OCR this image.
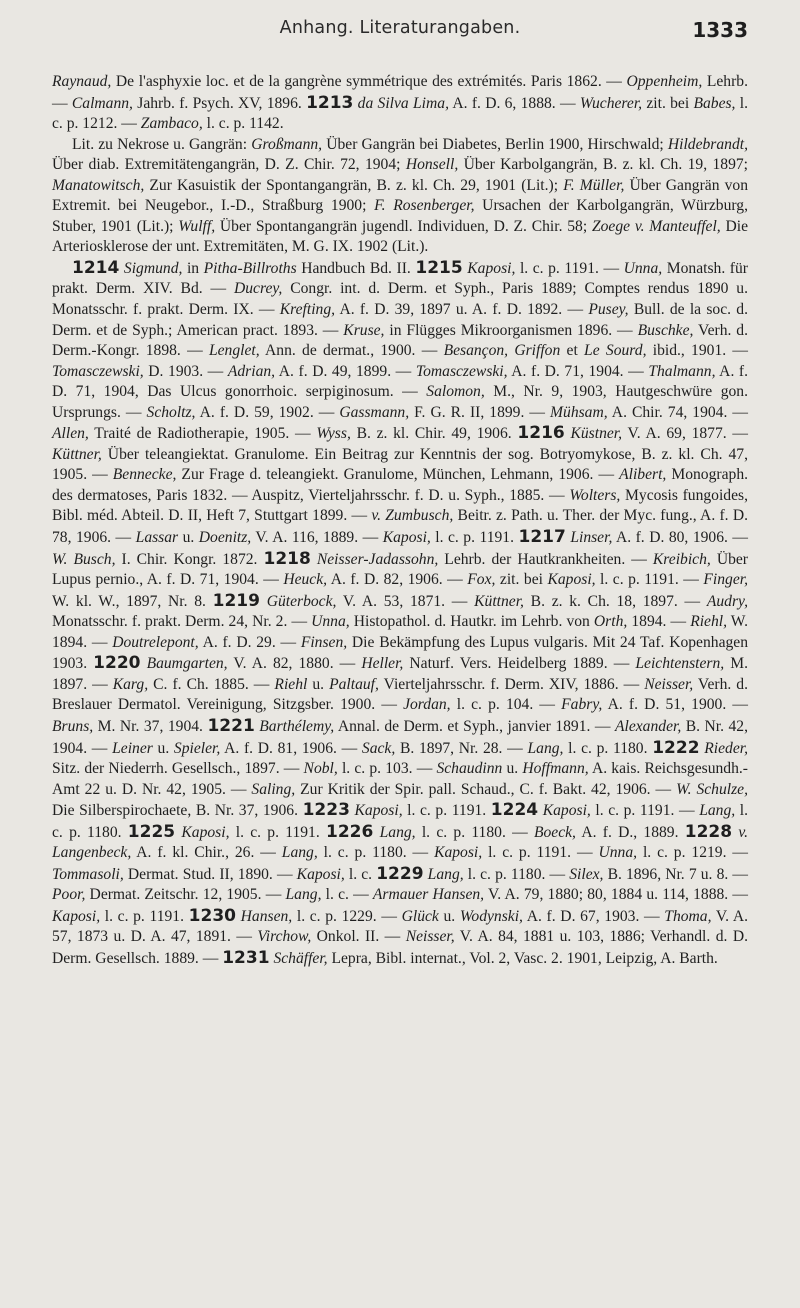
Anhang. Literaturangaben.	1333

Raynaud, De l'asphyxie loc. et de la gangrène symmétrique des extrémités. Paris 1862. — Oppenheim, Lehrb. — Calmann, Jahrb. f. Psych. XV, 1896. 1213 da Silva Lima, A. f. D. 6, 1888. — Wucherer, zit. bei Babes, l. c. p. 1212. — Zambaco, l. c. p. 1142.

Lit. zu Nekrose u. Gangrän: Großmann, Über Gangrän bei Diabetes, Berlin 1900, Hirschwald; Hildebrandt, Über diab. Extremitätengangrän, D. Z. Chir. 72, 1904; Honsell, Über Karbolgangrän, B. z. kl. Ch. 19, 1897; Manatowitsch, Zur Kasuistik der Spontangangrän, B. z. kl. Ch. 29, 1901 (Lit.); F. Müller, Über Gangrän von Extremit. bei Neugebor., I.-D., Straßburg 1900; F. Rosenberger, Ursachen der Karbolgangrän, Würzburg, Stuber, 1901 (Lit.); Wulff, Über Spontangangrän jugendl. Individuen, D. Z. Chir. 58; Zoege v. Manteuffel, Die Arteriosklerose der unt. Extremitäten, M. G. IX. 1902 (Lit.).

1214 Sigmund, in Pitha-Billroths Handbuch Bd. II. 1215 Kaposi, l. c. p. 1191. — Unna, Monatsh. für prakt. Derm. XIV. Bd. — Ducrey, Congr. int. d. Derm. et Syph., Paris 1889; Comptes rendus 1890 u. Monatsschr. f. prakt. Derm. IX. — Krefting, A. f. D. 39, 1897 u. A. f. D. 1892. — Pusey, Bull. de la soc. d. Derm. et de Syph.; American pract. 1893. — Kruse, in Flügges Mikroorganismen 1896. — Buschke, Verh. d. Derm.-Kongr. 1898. — Lenglet, Ann. de dermat., 1900. — Besançon, Griffon et Le Sourd, ibid., 1901. — Tomasczewski, D. 1903. — Adrian, A. f. D. 49, 1899. — Tomasczewski, A. f. D. 71, 1904. — Thalmann, A. f. D. 71, 1904, Das Ulcus gonorrhoic. serpiginosum. — Salomon, M., Nr. 9, 1903, Hautgeschwüre gon. Ursprungs. — Scholtz, A. f. D. 59, 1902. — Gassmann, F. G. R. II, 1899. — Mühsam, A. Chir. 74, 1904. — Allen, Traité de Radiotherapie, 1905. — Wyss, B. z. kl. Chir. 49, 1906. 1216 Küstner, V. A. 69, 1877. — Küttner, Über teleangiektat. Granulome. Ein Beitrag zur Kenntnis der sog. Botryomykose, B. z. kl. Ch. 47, 1905. — Bennecke, Zur Frage d. teleangiekt. Granulome, München, Lehmann, 1906. — Alibert, Monograph. des dermatoses, Paris 1832. — Auspitz, Vierteljahrsschr. f. D. u. Syph., 1885. — Wolters, Mycosis fungoides, Bibl. méd. Abteil. D. II, Heft 7, Stuttgart 1899. — v. Zumbusch, Beitr. z. Path. u. Ther. der Myc. fung., A. f. D. 78, 1906. — Lassar u. Doenitz, V. A. 116, 1889. — Kaposi, l. c. p. 1191. 1217 Linser, A. f. D. 80, 1906. — W. Busch, I. Chir. Kongr. 1872. 1218 Neisser-Jadassohn, Lehrb. der Hautkrankheiten. — Kreibich, Über Lupus pernio., A. f. D. 71, 1904. — Heuck, A. f. D. 82, 1906. — Fox, zit. bei Kaposi, l. c. p. 1191. — Finger, W. kl. W., 1897, Nr. 8. 1219 Güterbock, V. A. 53, 1871. — Küttner, B. z. k. Ch. 18, 1897. — Audry, Monatsschr. f. prakt. Derm. 24, Nr. 2. — Unna, Histopathol. d. Hautkr. im Lehrb. von Orth, 1894. — Riehl, W. 1894. — Doutrelepont, A. f. D. 29. — Finsen, Die Bekämpfung des Lupus vulgaris. Mit 24 Taf. Kopenhagen 1903. 1220 Baumgarten, V. A. 82, 1880. — Heller, Naturf. Vers. Heidelberg 1889. — Leichtenstern, M. 1897. — Karg, C. f. Ch. 1885. — Riehl u. Paltauf, Vierteljahrsschr. f. Derm. XIV, 1886. — Neisser, Verh. d. Breslauer Dermatol. Vereinigung, Sitzgsber. 1900. — Jordan, l. c. p. 104. — Fabry, A. f. D. 51, 1900. — Bruns, M. Nr. 37, 1904. 1221 Barthélemy, Annal. de Derm. et Syph., janvier 1891. — Alexander, B. Nr. 42, 1904. — Leiner u. Spieler, A. f. D. 81, 1906. — Sack, B. 1897, Nr. 28. — Lang, l. c. p. 1180. 1222 Rieder, Sitz. der Niederrh. Gesellsch., 1897. — Nobl, l. c. p. 103. — Schaudinn u. Hoffmann, A. kais. Reichsgesundh.-Amt 22 u. D. Nr. 42, 1905. — Saling, Zur Kritik der Spir. pall. Schaud., C. f. Bakt. 42, 1906. — W. Schulze, Die Silberspirochaete, B. Nr. 37, 1906. 1223 Kaposi, l. c. p. 1191. 1224 Kaposi, l. c. p. 1191. — Lang, l. c. p. 1180. 1225 Kaposi, l. c. p. 1191. 1226 Lang, l. c. p. 1180. — Boeck, A. f. D., 1889. 1228 v. Langenbeck, A. f. kl. Chir., 26. — Lang, l. c. p. 1180. — Kaposi, l. c. p. 1191. — Unna, l. c. p. 1219. — Tommasoli, Dermat. Stud. II, 1890. — Kaposi, l. c. 1229 Lang, l. c. p. 1180. — Silex, B. 1896, Nr. 7 u. 8. — Poor, Dermat. Zeitschr. 12, 1905. — Lang, l. c. — Armauer Hansen, V. A. 79, 1880; 80, 1884 u. 114, 1888. — Kaposi, l. c. p. 1191. 1230 Hansen, l. c. p. 1229. — Glück u. Wodynski, A. f. D. 67, 1903. — Thoma, V. A. 57, 1873 u. D. A. 47, 1891. — Virchow, Onkol. II. — Neisser, V. A. 84, 1881 u. 103, 1886; Verhandl. d. D. Derm. Gesellsch. 1889. — 1231 Schäffer, Lepra, Bibl. internat., Vol. 2, Vasc. 2. 1901, Leipzig, A. Barth.
